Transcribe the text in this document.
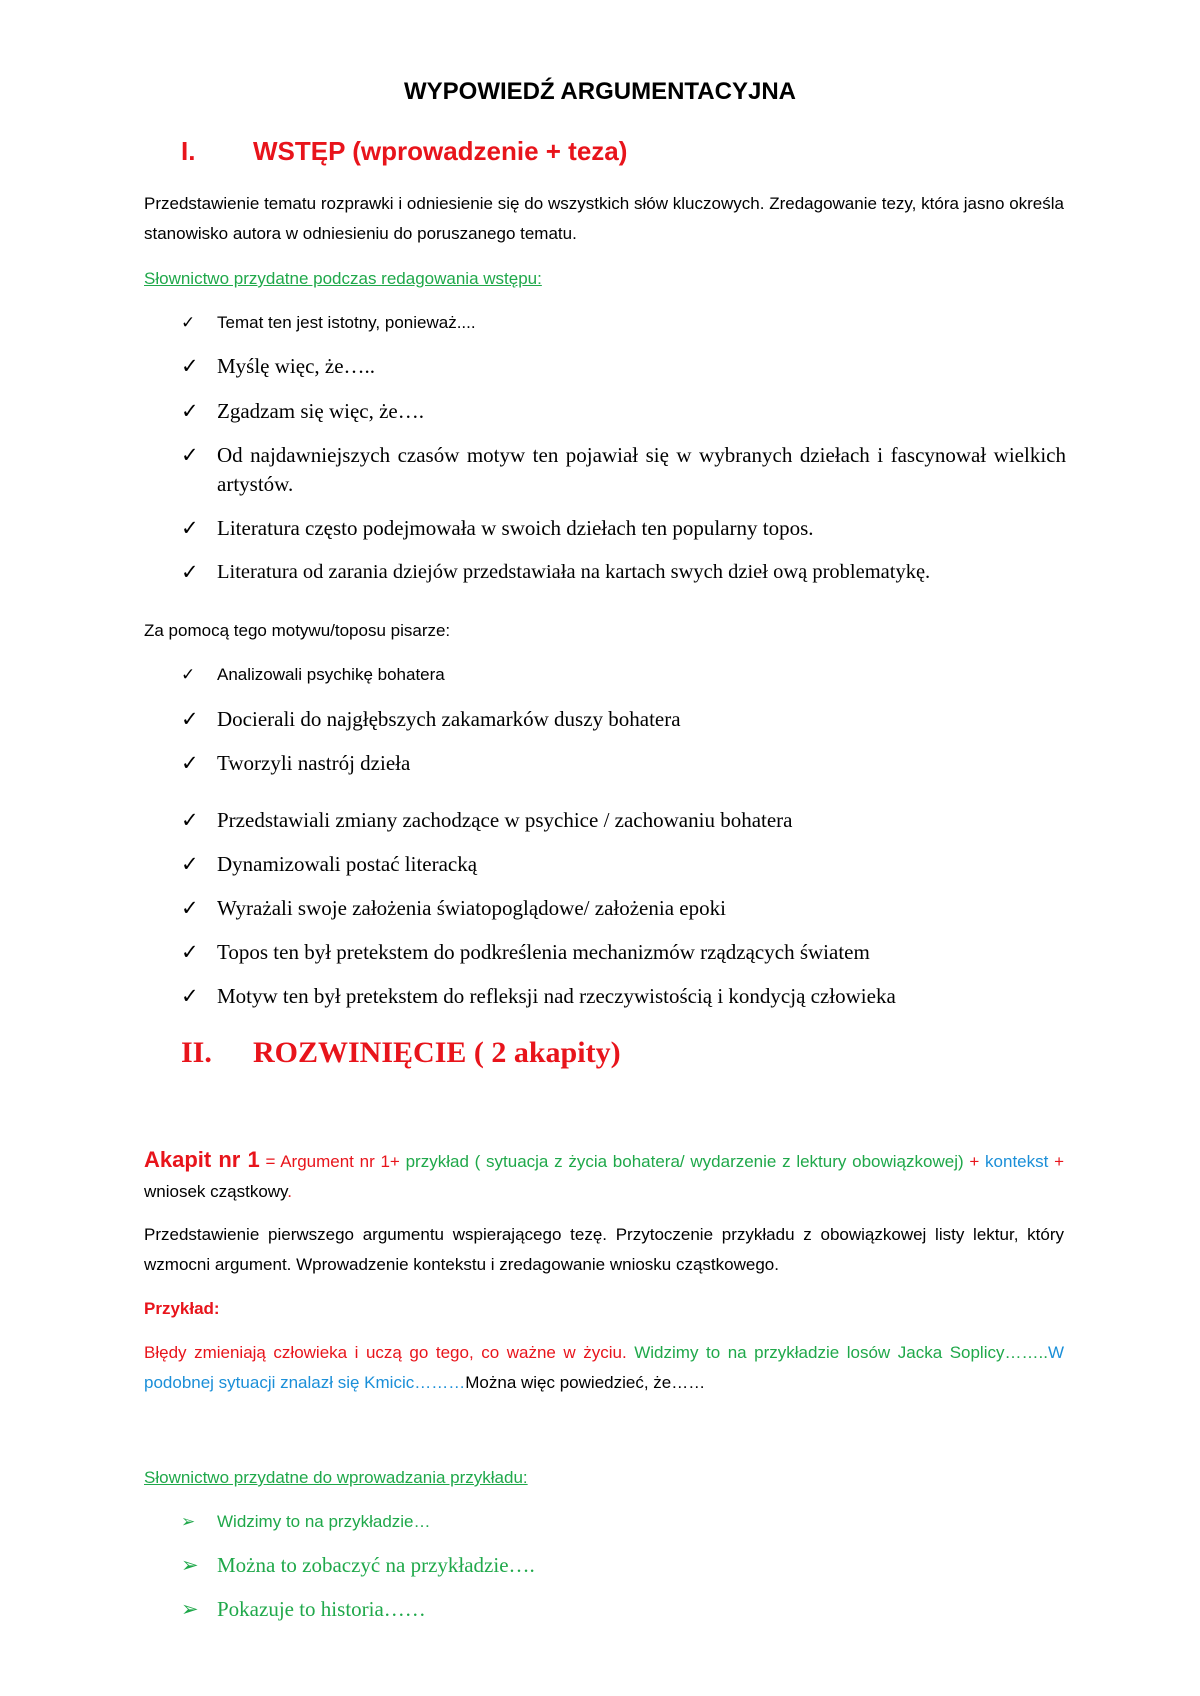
WYPOWIEDŹ ARGUMENTACYJNA
I. WSTĘP (wprowadzenie + teza)

Przedstawienie tematu rozprawki i odniesienie się do wszystkich słów kluczowych. Zredagowanie tezy, która jasno określa stanowisko autora w odniesieniu do poruszanego tematu.

Słownictwo przydatne podczas redagowania wstępu:

✓	Temat ten jest istotny, ponieważ....
✓ Myślę więc, że…..
✓ Zgadzam się więc, że….
✓ Od najdawniejszych czasów motyw ten pojawiał się w wybranych dziełach i fascynował wielkich artystów.
✓ Literatura często podejmowała w swoich dziełach ten popularny topos.
✓ Literatura od zarania dziejów przedstawiała na kartach swych dzieł ową problematykę.

Za pomocą tego motywu/toposu pisarze:

✓	Analizowali psychikę bohatera
✓ Docierali do najgłębszych zakamarków duszy bohatera
✓ Tworzyli nastrój dzieła
✓ Przedstawiali zmiany zachodzące w psychice / zachowaniu bohatera
✓ Dynamizowali postać literacką
✓ Wyrażali swoje założenia światopoglądowe/ założenia epoki
✓ Topos ten był pretekstem do podkreślenia mechanizmów rządzących światem
✓ Motyw ten był pretekstem do refleksji nad rzeczywistością i kondycją człowieka
II. ROZWINIĘCIE ( 2 akapity)

Akapit nr 1 = Argument nr 1+ przykład ( sytuacja z życia bohatera/ wydarzenie z lektury obowiązkowej) + kontekst + wniosek cząstkowy.

Przedstawienie pierwszego argumentu wspierającego tezę. Przytoczenie przykładu z obowiązkowej listy lektur, który wzmocni argument. Wprowadzenie kontekstu i zredagowanie wniosku cząstkowego.

Przykład:

Błędy zmieniają człowieka i uczą go tego, co ważne w życiu. Widzimy to na przykładzie losów Jacka Soplicy……..W podobnej sytuacji znalazł się Kmicic………Można więc powiedzieć, że……

Słownictwo przydatne do wprowadzania przykładu:

➢	Widzimy to na przykładzie…
➢ Można to zobaczyć na przykładzie….
➢ Pokazuje to historia……
